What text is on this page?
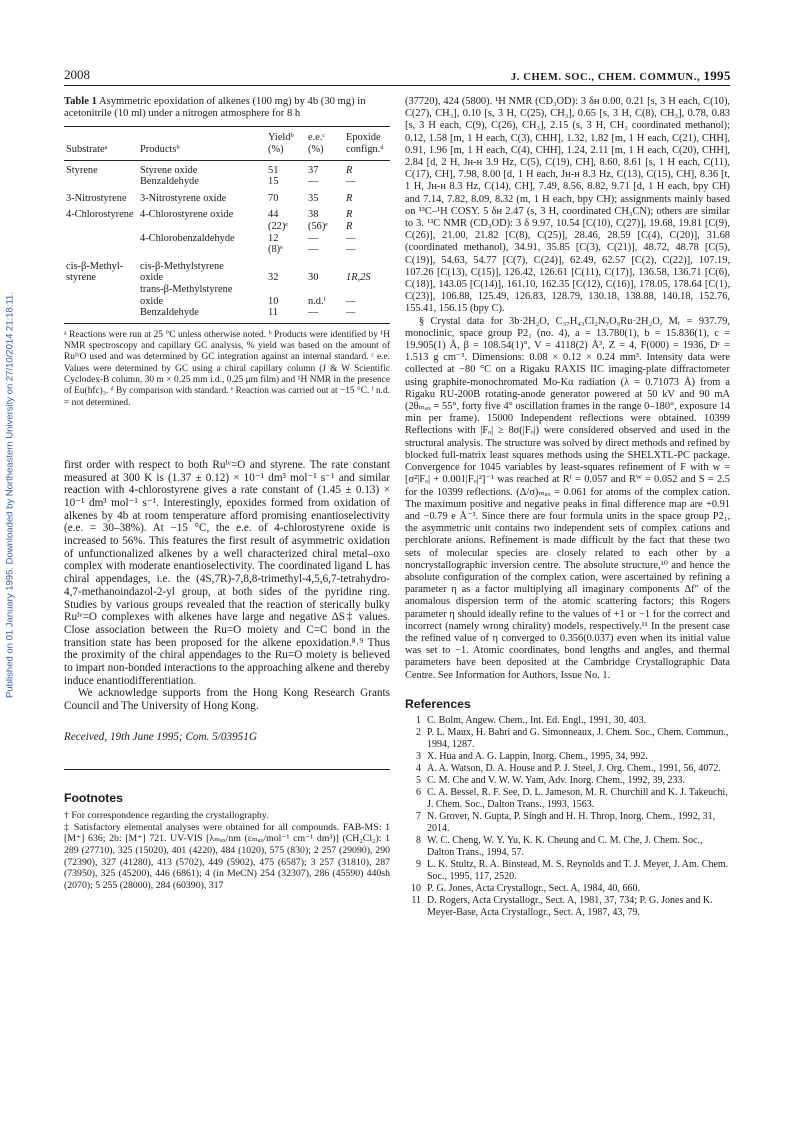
2008	J. CHEM. SOC., CHEM. COMMUN., 1995
Published on 01 January 1995. Downloaded by Northeastern University on 27/10/2014 21:18:11.
Table 1 Asymmetric epoxidation of alkenes (100 mg) by 4b (30 mg) in acetonitrile (10 ml) under a nitrogen atmosphere for 8 h

		Yieldᵇ	e.e.ᶜ	Epoxide
Substrateᵃ	Productsᵇ	(%)	(%)	confign.ᵈ

Styrene	Styrene oxide	51	37	R
	Benzaldehyde	15	—	—
3-Nitrostyrene	3-Nitrostyrene oxide	70	35	R
4-Chlorostyrene	4-Chlorostyrene oxide	44	38	R
		(22)ᵉ	(56)ᵉ	R
	4-Chlorobenzaldehyde	12	—	—
		(8)ᵉ	—	—
cis-β-Methyl-	cis-β-Methylstyrene			
styrene	oxide	32	30	1R,2S
	trans-β-Methylstyrene			
	oxide	10	n.d.ᶠ	—
	Benzaldehyde	11	—	—
ᵃ Reactions were run at 25 °C unless otherwise noted. ᵇ Products were identified by ¹H NMR spectroscopy and capillary GC analysis, % yield was based on the amount of RuᴵᵛO used and was determined by GC integration against an internal standard. ᶜ e.e. Values were determined by GC using a chiral capillary column (J & W Scientific Cyclodex-B column, 30 m × 0.25 mm i.d., 0.25 μm film) and ¹H NMR in the presence of Eu(hfc)₃. ᵈ By comparison with standard. ᵉ Reaction was carried out at −15 °C. ᶠ n.d. = not determined.

first order with respect to both Ruᴵᵛ=O and styrene. The rate constant measured at 300 K is (1.37 ± 0.12) × 10⁻¹ dm³ mol⁻¹ s⁻¹ and similar reaction with 4-chlorostyrene gives a rate constant of (1.45 ± 0.13) × 10⁻¹ dm³ mol⁻¹ s⁻¹. Interestingly, epoxides formed from oxidation of alkenes by 4b at room temperature afford promising enantioselectivity (e.e. = 30–38%). At −15 °C, the e.e. of 4-chlorostyrene oxide is increased to 56%. This features the first result of asymmetric oxidation of unfunctionalized alkenes by a well characterized chiral metal–oxo complex with moderate enantioselectivity. The coordinated ligand L has chiral appendages, i.e. the (4S,7R)-7,8,8-trimethyl-4,5,6,7-tetrahydro-4,7-methanoindazol-2-yl group, at both sides of the pyridine ring. Studies by various groups revealed that the reaction of sterically bulky Ruᴵᵛ=O complexes with alkenes have large and negative ΔS‡ values. Close association between the Ru=O moiety and C=C bond in the transition state has been proposed for the alkene epoxidation.⁸˒⁹ Thus the proximity of the chiral appendages to the Ru=O moiety is believed to impart non-bonded interactions to the approaching alkene and thereby induce enantiodifferentiation.

We acknowledge supports from the Hong Kong Research Grants Council and The University of Hong Kong.

Received, 19th June 1995; Com. 5/03951G
Footnotes

† For correspondence regarding the crystallography.

‡ Satisfactory elemental analyses were obtained for all compounds. FAB-MS: 1 [M⁺] 636; 2b: [M⁺] 721. UV-VIS [λₘₐₓ/nm (εₘₐₓ/mol⁻¹ cm⁻¹ dm³)] (CH₂Cl₂): 1 289 (27710), 325 (15020), 401 (4220), 484 (1020), 575 (830); 2 257 (29090), 290 (72390), 327 (41280), 413 (5702), 449 (5902), 475 (6587); 3 257 (31810), 287 (73950), 325 (45200), 446 (6861); 4 (in MeCN) 254 (32307), 286 (45590) 440sh (2070); 5 255 (28000), 284 (60390), 317

(37720), 424 (5800). ¹H NMR (CD₃OD): 3 δʜ 0.00, 0.21 [s, 3 H each, C(10), C(27), CH₃], 0.10 [s, 3 H, C(25), CH₃], 0.65 [s, 3 H, C(8), CH₃], 0.78, 0.83 [s, 3 H each, C(9), C(26), CH₃], 2.15 (s, 3 H, CH₃ coordinated methanol); 0.12, 1.58 [m, 1 H each, C(3), CHH], 1.32, 1.82 [m, 1 H each, C(21), CHH], 0.91, 1.96 [m, 1 H each, C(4), CHH], 1.24, 2.11 [m, 1 H each, C(20), CHH], 2.84 [d, 2 H, Jʜ‑ʜ 3.9 Hz, C(5), C(19), CH], 8.60, 8.61 [s, 1 H each, C(11), C(17), CH], 7.98, 8.00 [d, 1 H each, Jʜ‑ʜ 8.3 Hz, C(13), C(15), CH], 8.36 [t, 1 H, Jʜ‑ʜ 8.3 Hz, C(14), CH], 7.49, 8.56, 8.82, 9.71 [d, 1 H each, bpy CH) and 7.14, 7.82, 8.09, 8.32 (m, 1 H each, bpy CH); assignments mainly based on ¹³C–¹H COSY. 5 δʜ 2.47 (s, 3 H, coordinated CH₃CN); others are similar to 3. ¹³C NMR (CD₃OD): 3 δ 9.97, 10.54 [C(10), C(27)], 19.68, 19.81 [C(9), C(26)], 21.00, 21.82 [C(8), C(25)], 28.46, 28.59 [C(4), C(20)], 31.68 (coordinated methanol), 34.91, 35.85 [C(3), C(21)], 48.72, 48.78 [C(5), C(19)], 54.63, 54.77 [C(7), C(24)], 62.49, 62.57 [C(2), C(22)], 107.19, 107.26 [C(13), C(15)], 126.42, 126.61 [C(11), C(17)], 136.58, 136.71 [C(6), C(18)], 143.05 [C(14)], 161.10, 162.35 [C(12), C(16)], 178.05, 178.64 [C(1), C(23)], 106.88, 125.49, 126.83, 128.79, 130.18, 138.88, 140.18, 152.76, 155.41, 156.15 (bpy C).
§ Crystal data for 3b·2H₂O, C₃₇H₄₃Cl₂N₇O₉Ru·2H₂O, Mᵣ = 937.79, monoclinic, space group P2₁ (no. 4), a = 13.780(1), b = 15.836(1), c = 19.905(1) Å, β = 108.54(1)°, V = 4118(2) Å³, Z = 4, F(000) = 1936, Dᶜ = 1.513 g cm⁻³. Dimensions: 0.08 × 0.12 × 0.24 mm³. Intensity data were collected at −80 °C on a Rigaku RAXIS IIC imaging-plate diffractometer using graphite-monochromated Mo-Kα radiation (λ = 0.71073 Å) from a Rigaku RU-200B rotating-anode generator powered at 50 kV and 90 mA (2θₘₐₓ = 55°, forty five 4° oscillation frames in the range 0–180°, exposure 14 min per frame). 15000 Independent reflections were obtained. 10399 Reflections with |Fₒ| ≥ 8σ(|Fₒ|) were considered observed and used in the structural analysis. The structure was solved by direct methods and refined by blocked full-matrix least squares methods using the SHELXTL-PC package. Convergence for 1045 variables by least-squares refinement of F with w = [σ²|Fₒ| + 0.001|Fₒ|²]⁻¹ was reached at Rᶠ = 0.057 and Rᵂ = 0.052 and S = 2.5 for the 10399 reflections. (Δ/σ)ₘₐₓ = 0.061 for atoms of the complex cation. The maximum positive and negative peaks in final difference map are +0.91 and −0.79 e Å⁻³. Since there are four formula units in the space group P2₁, the asymmetric unit contains two independent sets of complex cations and perchlorate anions. Refinement is made difficult by the fact that these two sets of molecular species are closely related to each other by a noncrystallographic inversion centre. The absolute structure,¹⁰ and hence the absolute configuration of the complex cation, were ascertained by refining a parameter η as a factor multiplying all imaginary components Δf″ of the anomalous dispersion term of the atomic scattering factors; this Rogers parameter η should ideally refine to the values of +1 or −1 for the correct and incorrect (namely wrong chirality) models, respectively.¹¹ In the present case the refined value of η converged to 0.356(0.037) even when its initial value was set to −1. Atomic coordinates, bond lengths and angles, and thermal parameters have been deposited at the Cambridge Crystallographic Data Centre. See Information for Authors, Issue No. 1.
References
1 C. Bolm, Angew. Chem., Int. Ed. Engl., 1991, 30, 403.
2 P. L. Maux, H. Bahri and G. Simonneaux, J. Chem. Soc., Chem. Commun., 1994, 1287.
3 X. Hua and A. G. Lappin, Inorg. Chem., 1995, 34, 992.
4 A. A. Watson, D. A. House and P. J. Steel, J. Org. Chem., 1991, 56, 4072.
5 C. M. Che and V. W. W. Yam, Adv. Inorg. Chem., 1992, 39, 233.
6 C. A. Bessel, R. F. See, D. L. Jameson, M. R. Churchill and K. J. Takeuchi, J. Chem. Soc., Dalton Trans., 1993, 1563.
7 N. Grover, N. Gupta, P. Singh and H. H. Throp, Inorg. Chem., 1992, 31, 2014.
8 W. C. Cheng, W. Y. Yu, K. K. Cheung and C. M. Che, J. Chem. Soc., Dalton Trans., 1994, 57.
9 L. K. Stultz, R. A. Binstead, M. S. Reynolds and T. J. Meyer, J. Am. Chem. Soc., 1995, 117, 2520.
10 P. G. Jones, Acta Crystallogr., Sect. A, 1984, 40, 660.
11 D. Rogers, Acta Crystallogr., Sect. A, 1981, 37, 734; P. G. Jones and K. Meyer-Base, Acta Crystallogr., Sect. A, 1987, 43, 79.
